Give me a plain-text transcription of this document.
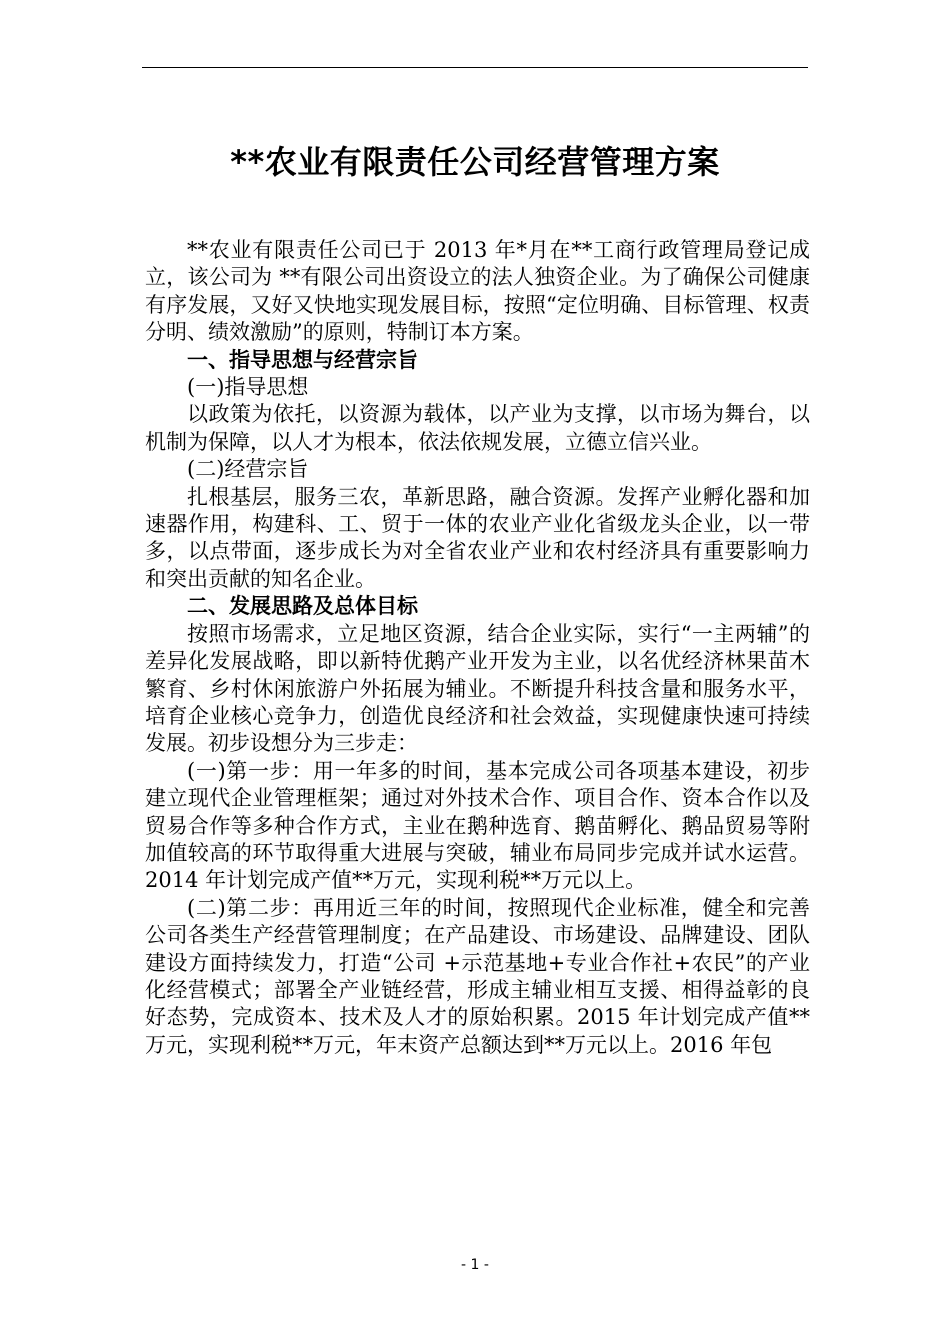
**农业有限责任公司经营管理方案

**农业有限责任公司已于 2013 年*月在**工商行政管理局登记成立，该公司为 **有限公司出资设立的法人独资企业。为了确保公司健康有序发展，又好又快地实现发展目标，按照“定位明确、目标管理、权责分明、绩效激励”的原则，特制订本方案。

一、指导思想与经营宗旨

(一)指导思想

以政策为依托，以资源为载体，以产业为支撑，以市场为舞台，以机制为保障，以人才为根本，依法依规发展，立德立信兴业。

(二)经营宗旨

扎根基层，服务三农，革新思路，融合资源。发挥产业孵化器和加速器作用，构建科、工、贸于一体的农业产业化省级龙头企业，以一带多，以点带面，逐步成长为对全省农业产业和农村经济具有重要影响力和突出贡献的知名企业。

二、发展思路及总体目标

按照市场需求，立足地区资源，结合企业实际，实行“一主两辅”的差异化发展战略，即以新特优鹅产业开发为主业，以名优经济林果苗木繁育、乡村休闲旅游户外拓展为辅业。不断提升科技含量和服务水平，培育企业核心竞争力，创造优良经济和社会效益，实现健康快速可持续发展。初步设想分为三步走：

(一)第一步：用一年多的时间，基本完成公司各项基本建设，初步建立现代企业管理框架；通过对外技术合作、项目合作、资本合作以及贸易合作等多种合作方式，主业在鹅种选育、鹅苗孵化、鹅品贸易等附加值较高的环节取得重大进展与突破，辅业布局同步完成并试水运营。2014 年计划完成产值**万元，实现利税**万元以上。

(二)第二步：再用近三年的时间，按照现代企业标准，健全和完善公司各类生产经营管理制度；在产品建设、市场建设、品牌建设、团队建设方面持续发力，打造“公司 +示范基地+专业合作社+农民”的产业化经营模式；部署全产业链经营，形成主辅业相互支援、相得益彰的良好态势，完成资本、技术及人才的原始积累。2015 年计划完成产值**万元，实现利税**万元，年末资产总额达到**万元以上。2016 年包

- 1 -
